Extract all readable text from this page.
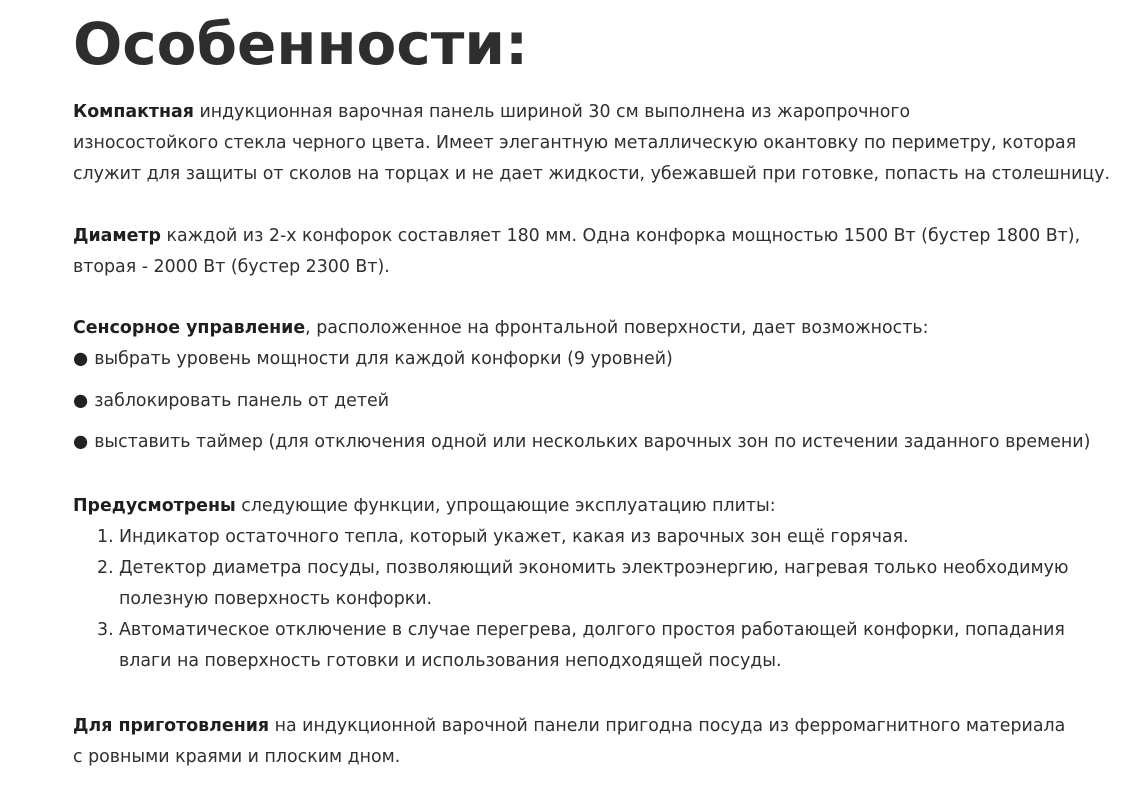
Особенности:

Компактная индукционная варочная панель шириной 30 см выполнена из жаропрочного
износостойкого стекла черного цвета. Имеет элегантную металлическую окантовку по периметру, которая
служит для защиты от сколов на торцах и не дает жидкости, убежавшей при готовке, попасть на столешницу.

Диаметр каждой из 2-х конфорок составляет 180 мм. Одна конфорка мощностью 1500 Вт (бустер 1800 Вт),
вторая - 2000 Вт (бустер 2300 Вт).

Сенсорное управление, расположенное на фронтальной поверхности, дает возможность:

● выбрать уровень мощности для каждой конфорки (9 уровней)
● заблокировать панель от детей
● выставить таймер (для отключения одной или нескольких варочных зон по истечении заданного времени)

Предусмотрены следующие функции, упрощающие эксплуатацию плиты:

1. Индикатор остаточного тепла, который укажет, какая из варочных зон ещё горячая.
2. Детектор диаметра посуды, позволяющий экономить электроэнергию, нагревая только необходимую
полезную поверхность конфорки.
3. Автоматическое отключение в случае перегрева, долгого простоя работающей конфорки, попадания
влаги на поверхность готовки и использования неподходящей посуды.

Для приготовления на индукционной варочной панели пригодна посуда из ферромагнитного материала
с ровными краями и плоским дном.
